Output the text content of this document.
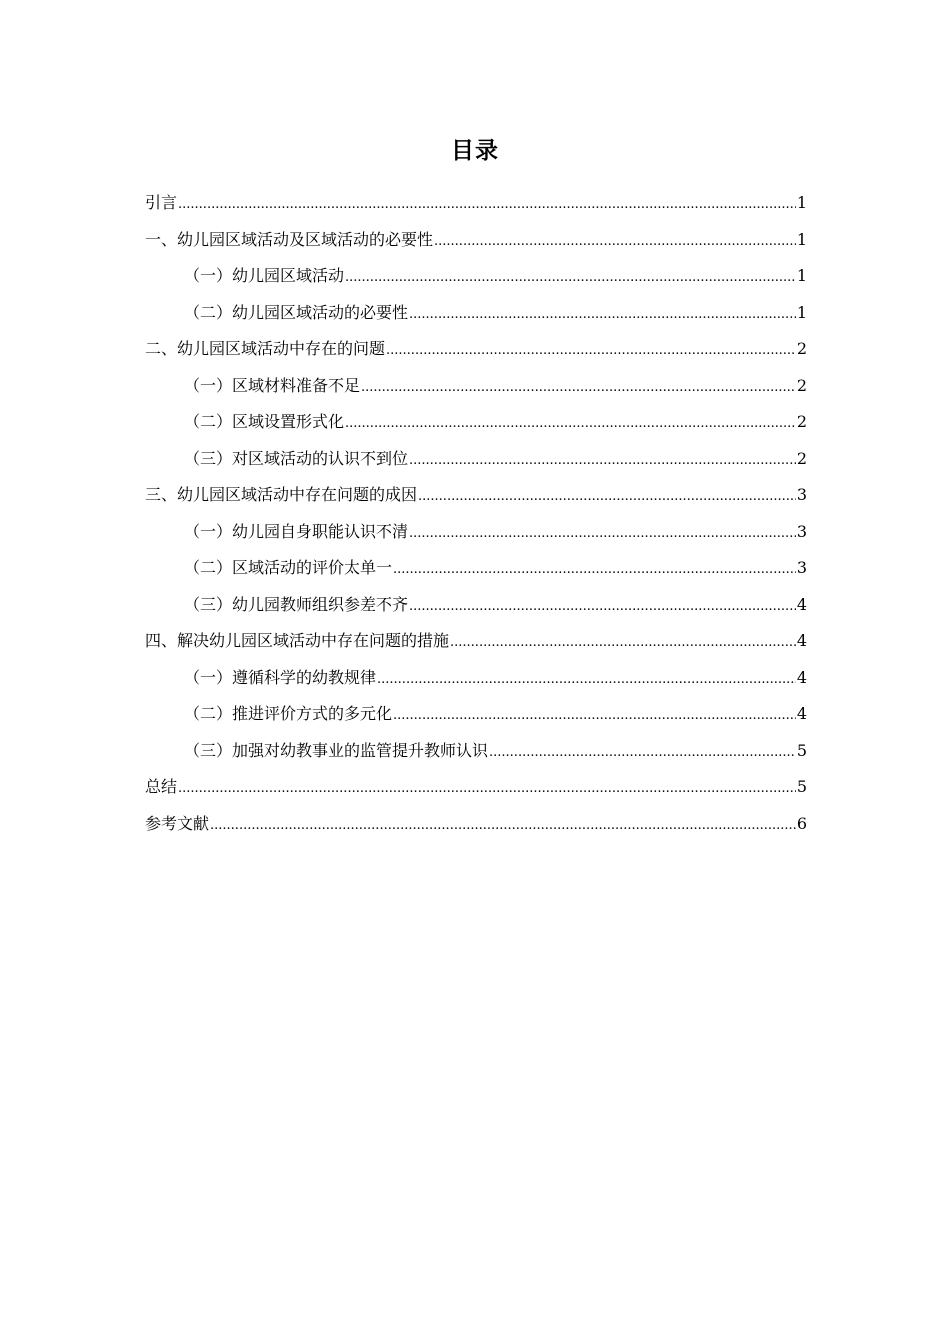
目录
引言 .....	1
一、幼儿园区域活动及区域活动的必要性 .....	1
（一）幼儿园区域活动 .....	1
（二）幼儿园区域活动的必要性 .....	1
二、幼儿园区域活动中存在的问题 .....	2
（一）区域材料准备不足 .....	2
（二）区域设置形式化 .....	2
（三）对区域活动的认识不到位 .....	2
三、幼儿园区域活动中存在问题的成因 .....	3
（一）幼儿园自身职能认识不清 .....	3
（二）区域活动的评价太单一 .....	3
（三）幼儿园教师组织参差不齐 .....	4
四、解决幼儿园区域活动中存在问题的措施 .....	4
（一）遵循科学的幼教规律 .....	4
（二）推进评价方式的多元化 .....	4
（三）加强对幼教事业的监管提升教师认识 .....	5
总结 .....	5
参考文献 .....	6
